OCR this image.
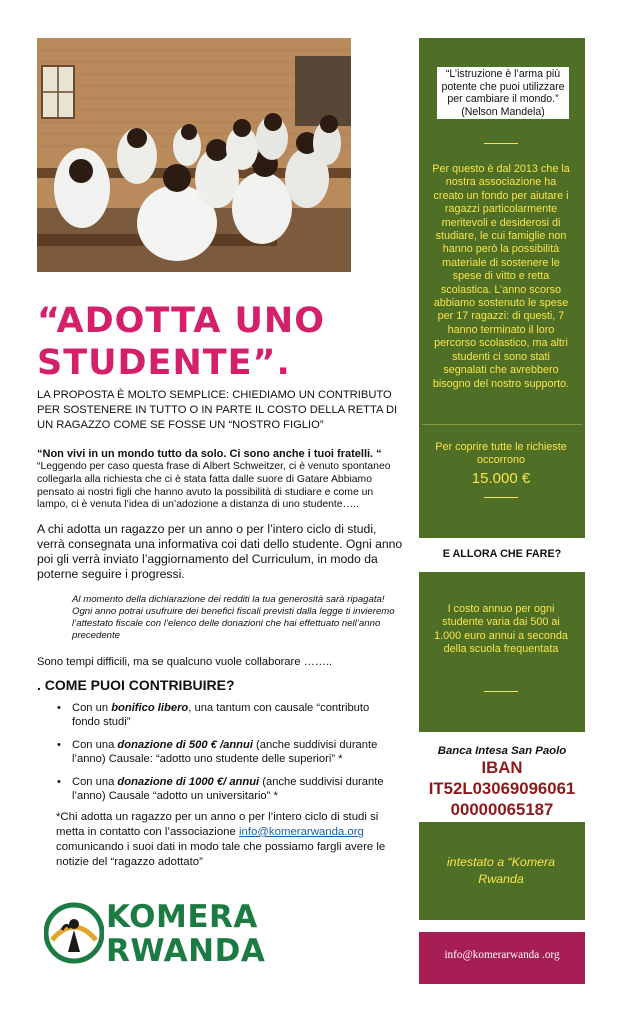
“ADOTTA UNO STUDENTE”.
LA PROPOSTA È MOLTO SEMPLICE: CHIEDIAMO UN CONTRIBUTO PER SOSTENERE IN TUTTO O IN PARTE IL COSTO DELLA RETTA DI UN RAGAZZO COME SE FOSSE UN “NOSTRO FIGLIO”
“Non vivi in un mondo tutto da solo. Ci sono anche i tuoi fratelli. “
“Leggendo per caso questa frase di Albert Schweitzer, ci è venuto spontaneo collegarla alla richiesta che ci è stata fatta dalle suore di Gatare Abbiamo pensato ai nostri figli che hanno avuto la possibilità di studiare e come un lampo, ci è venuta l’idea di un’adozione a distanza di uno studente…..
A chi adotta un ragazzo per un anno o per l’intero ciclo di studi, verrà consegnata una informativa coi dati dello studente. Ogni anno poi gli verrà inviato l’aggiornamento del Curriculum, in modo da poterne seguire i progressi.
Al momento della dichiarazione dei redditi la tua generosità sarà ripagata! Ogni anno potrai usufruire dei benefici fiscali previsti dalla legge ti invieremo l’attestato fiscale con l’elenco delle donazioni che hai effettuato nell’anno precedente
Sono tempi difficili, ma se qualcuno vuole collaborare ……..
. COME PUOI CONTRIBUIRE?
• Con un bonifico libero, una tantum con causale “contributo fondo studi”
• Con una donazione di 500 € /annui (anche suddivisi durante l’anno) Causale: “adotto uno studente delle superiori” *
• Con una donazione di 1000 €/ annui (anche suddivisi durante l’anno) Causale “adotto un universitario” *
*Chi adotta un ragazzo per un anno o per l’intero ciclo di studi si metta in contatto con l’associazione info@komerarwanda.org comunicando i suoi dati in modo tale che possiamo fargli avere le notizie del “ragazzo adottato”
KOMERA
RWANDA
“L’istruzione è l’arma più potente che puoi utilizzare per cambiare il mondo.”
(Nelson Mandela)
Per questo è dal 2013 che la nostra associazione ha creato un fondo per aiutare i ragazzi particolarmente meritevoli e desiderosi di studiare, le cui famiglie non hanno però la possibilità materiale di sostenere le spese di vitto e retta scolastica. L’anno scorso abbiamo sostenuto le spese per 17 ragazzi: di questi, 7 hanno terminato il loro percorso scolastico, ma altri studenti ci sono stati segnalati che avrebbero bisogno del nostro supporto.
Per coprire tutte le richieste occorrono
15.000 €
E ALLORA CHE FARE?
I costo annuo per ogni studente varia dai 500 ai 1.000 euro annui a seconda della scuola frequentata
Banca Intesa San Paolo
IBAN
IT52L03069096061
00000065187
intestato a “Komera Rwanda
info@komerarwanda .org
